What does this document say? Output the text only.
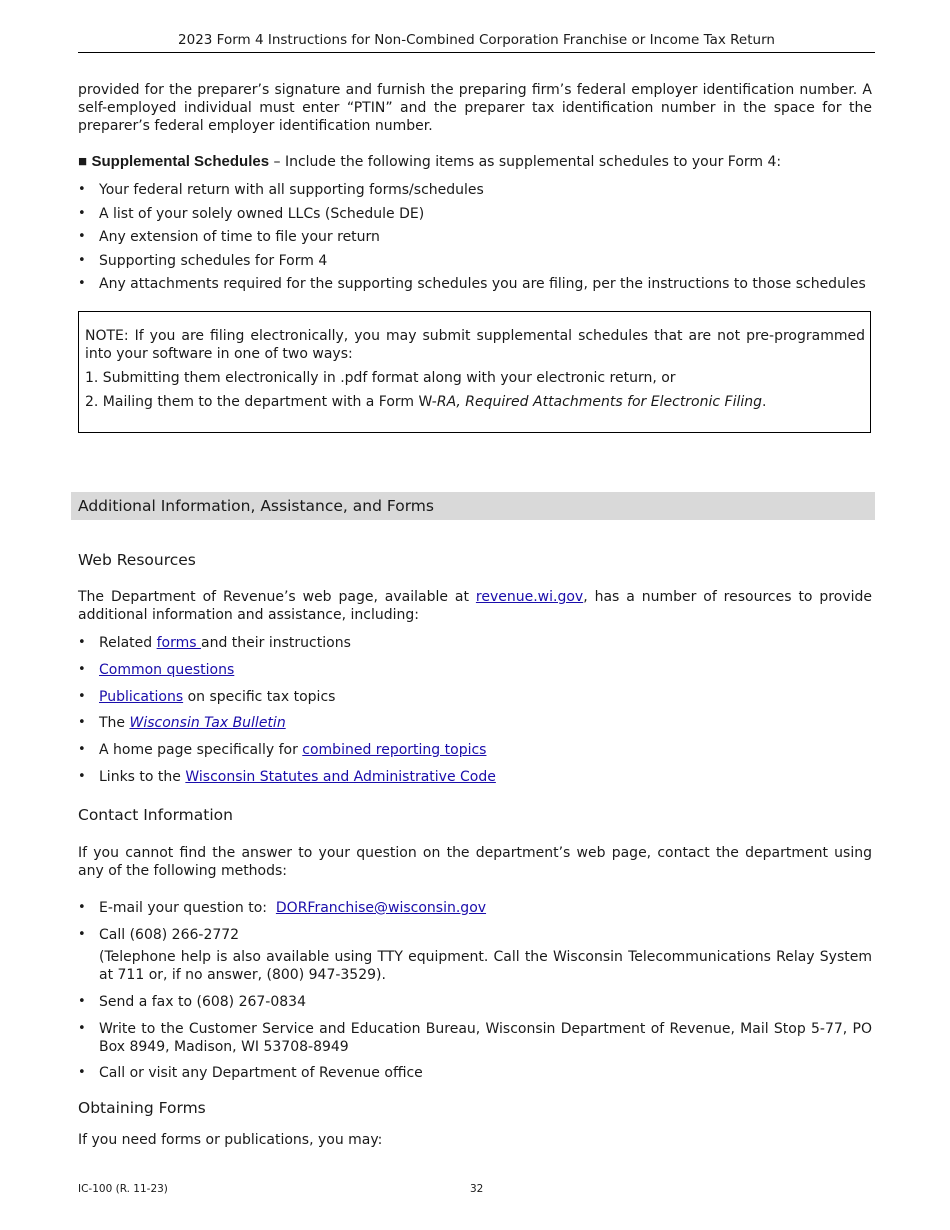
2023 Form 4 Instructions for Non-Combined Corporation Franchise or Income Tax Return
provided for the preparer’s signature and furnish the preparing firm’s federal employer identification number. A self-employed individual must enter “PTIN” and the preparer tax identification number in the space for the preparer’s federal employer identification number.
■ Supplemental Schedules – Include the following items as supplemental schedules to your Form 4:
• Your federal return with all supporting forms/schedules
• A list of your solely owned LLCs (Schedule DE)
• Any extension of time to file your return
• Supporting schedules for Form 4
• Any attachments required for the supporting schedules you are filing, per the instructions to those schedules
NOTE: If you are filing electronically, you may submit supplemental schedules that are not pre-programmed into your software in one of two ways:
1. Submitting them electronically in .pdf format along with your electronic return, or
2. Mailing them to the department with a Form W-RA, Required Attachments for Electronic Filing.
Additional Information, Assistance, and Forms
Web Resources
The Department of Revenue’s web page, available at revenue.wi.gov, has a number of resources to provide additional information and assistance, including:
• Related forms and their instructions
• Common questions
• Publications on specific tax topics
• The Wisconsin Tax Bulletin
• A home page specifically for combined reporting topics
• Links to the Wisconsin Statutes and Administrative Code
Contact Information
If you cannot find the answer to your question on the department’s web page, contact the department using any of the following methods:
• E-mail your question to:  DORFranchise@wisconsin.gov
• Call (608) 266-2772
(Telephone help is also available using TTY equipment. Call the Wisconsin Telecommunications Relay System at 711 or, if no answer, (800) 947-3529).
• Send a fax to (608) 267-0834
• Write to the Customer Service and Education Bureau, Wisconsin Department of Revenue, Mail Stop 5-77, PO Box 8949, Madison, WI 53708-8949
• Call or visit any Department of Revenue office
Obtaining Forms
If you need forms or publications, you may:
IC-100 (R. 11-23)	32
